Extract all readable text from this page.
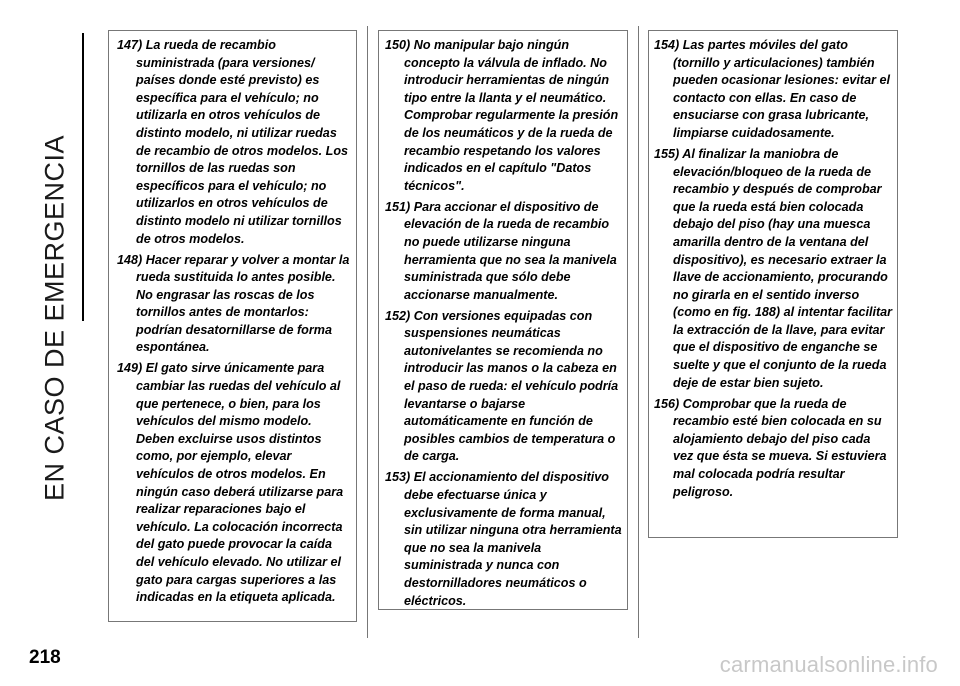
EN CASO DE EMERGENCIA
147) La rueda de recambio suministrada (para versiones/ países donde esté previsto) es específica para el vehículo; no utilizarla en otros vehículos de distinto modelo, ni utilizar ruedas de recambio de otros modelos. Los tornillos de las ruedas son específicos para el vehículo; no utilizarlos en otros vehículos de distinto modelo ni utilizar tornillos de otros modelos.
148) Hacer reparar y volver a montar la rueda sustituida lo antes posible. No engrasar las roscas de los tornillos antes de montarlos: podrían desatornillarse de forma espontánea.
149) El gato sirve únicamente para cambiar las ruedas del vehículo al que pertenece, o bien, para los vehículos del mismo modelo. Deben excluirse usos distintos como, por ejemplo, elevar vehículos de otros modelos. En ningún caso deberá utilizarse para realizar reparaciones bajo el vehículo. La colocación incorrecta del gato puede provocar la caída del vehículo elevado. No utilizar el gato para cargas superiores a las indicadas en la etiqueta aplicada.
150) No manipular bajo ningún concepto la válvula de inflado. No introducir herramientas de ningún tipo entre la llanta y el neumático. Comprobar regularmente la presión de los neumáticos y de la rueda de recambio respetando los valores indicados en el capítulo "Datos técnicos".
151) Para accionar el dispositivo de elevación de la rueda de recambio no puede utilizarse ninguna herramienta que no sea la manivela suministrada que sólo debe accionarse manualmente.
152) Con versiones equipadas con suspensiones neumáticas autonivelantes se recomienda no introducir las manos o la cabeza en el paso de rueda: el vehículo podría levantarse o bajarse automáticamente en función de posibles cambios de temperatura o de carga.
153) El accionamiento del dispositivo debe efectuarse única y exclusivamente de forma manual, sin utilizar ninguna otra herramienta que no sea la manivela suministrada y nunca con destornilladores neumáticos o eléctricos.
154) Las partes móviles del gato (tornillo y articulaciones) también pueden ocasionar lesiones: evitar el contacto con ellas. En caso de ensuciarse con grasa lubricante, limpiarse cuidadosamente.
155) Al finalizar la maniobra de elevación/bloqueo de la rueda de recambio y después de comprobar que la rueda está bien colocada debajo del piso (hay una muesca amarilla dentro de la ventana del dispositivo), es necesario extraer la llave de accionamiento, procurando no girarla en el sentido inverso (como en fig. 188) al intentar facilitar la extracción de la llave, para evitar que el dispositivo de enganche se suelte y que el conjunto de la rueda deje de estar bien sujeto.
156) Comprobar que la rueda de recambio esté bien colocada en su alojamiento debajo del piso cada vez que ésta se mueva. Si estuviera mal colocada podría resultar peligroso.
218	carmanualsonline.info
